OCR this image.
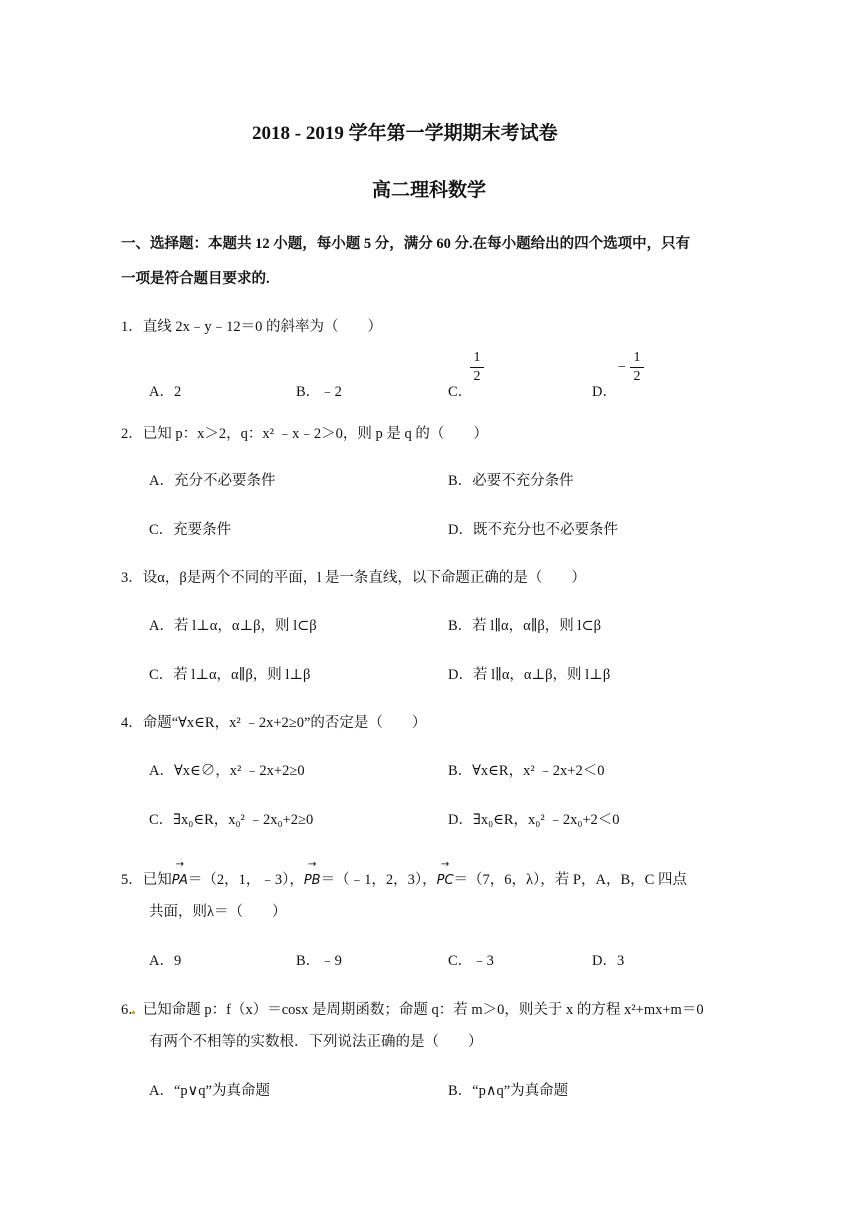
2018 - 2019 学年第一学期期末考试卷
高二理科数学
一、选择题：本题共 12 小题，每小题 5 分，满分 60 分.在每小题给出的四个选项中，只有
一项是符合题目要求的.
1．直线 2x﹣y﹣12＝0 的斜率为（　　）
A．2	B．﹣2	C．
1
2
D．
−
1
2
2．已知 p：x＞2，q：x² ﹣x﹣2＞0，则 p 是 q 的（　　）
A．充分不必要条件	B．必要不充分条件
C．充要条件	D．既不充分也不必要条件
3．设α，β是两个不同的平面，l 是一条直线，以下命题正确的是（　　）
A．若 l⊥α，α⊥β，则 l⊂β	B．若 l∥α，α∥β，则 l⊂β
C．若 l⊥α，α∥β，则 l⊥β	D．若 l∥α，α⊥β，则 l⊥β
4．命题“∀x∈R，x² ﹣2x+2≥0”的否定是（　　）
A．∀x∈∅，x² ﹣2x+2≥0	B．∀x∈R，x² ﹣2x+2＜0
C．∃x₀∈R，x₀² ﹣2x₀+2≥0	D．∃x₀∈R，x₀² ﹣2x₀+2＜0
5．已知
→
PA＝（2，1，﹣3），
→
PB＝（﹣1，2，3），
→
PC＝（7，6，λ），若 P，A，B，C 四点
共面，则λ＝（　　）
A．9	B．﹣9	C．﹣3	D．3
6．已知命题 p：f（x）＝cosx 是周期函数；命题 q：若 m＞0，则关于 x 的方程 x²+mx+m＝0
有两个不相等的实数根．下列说法正确的是（　　）
A．“p∨q”为真命题	B．“p∧q”为真命题
